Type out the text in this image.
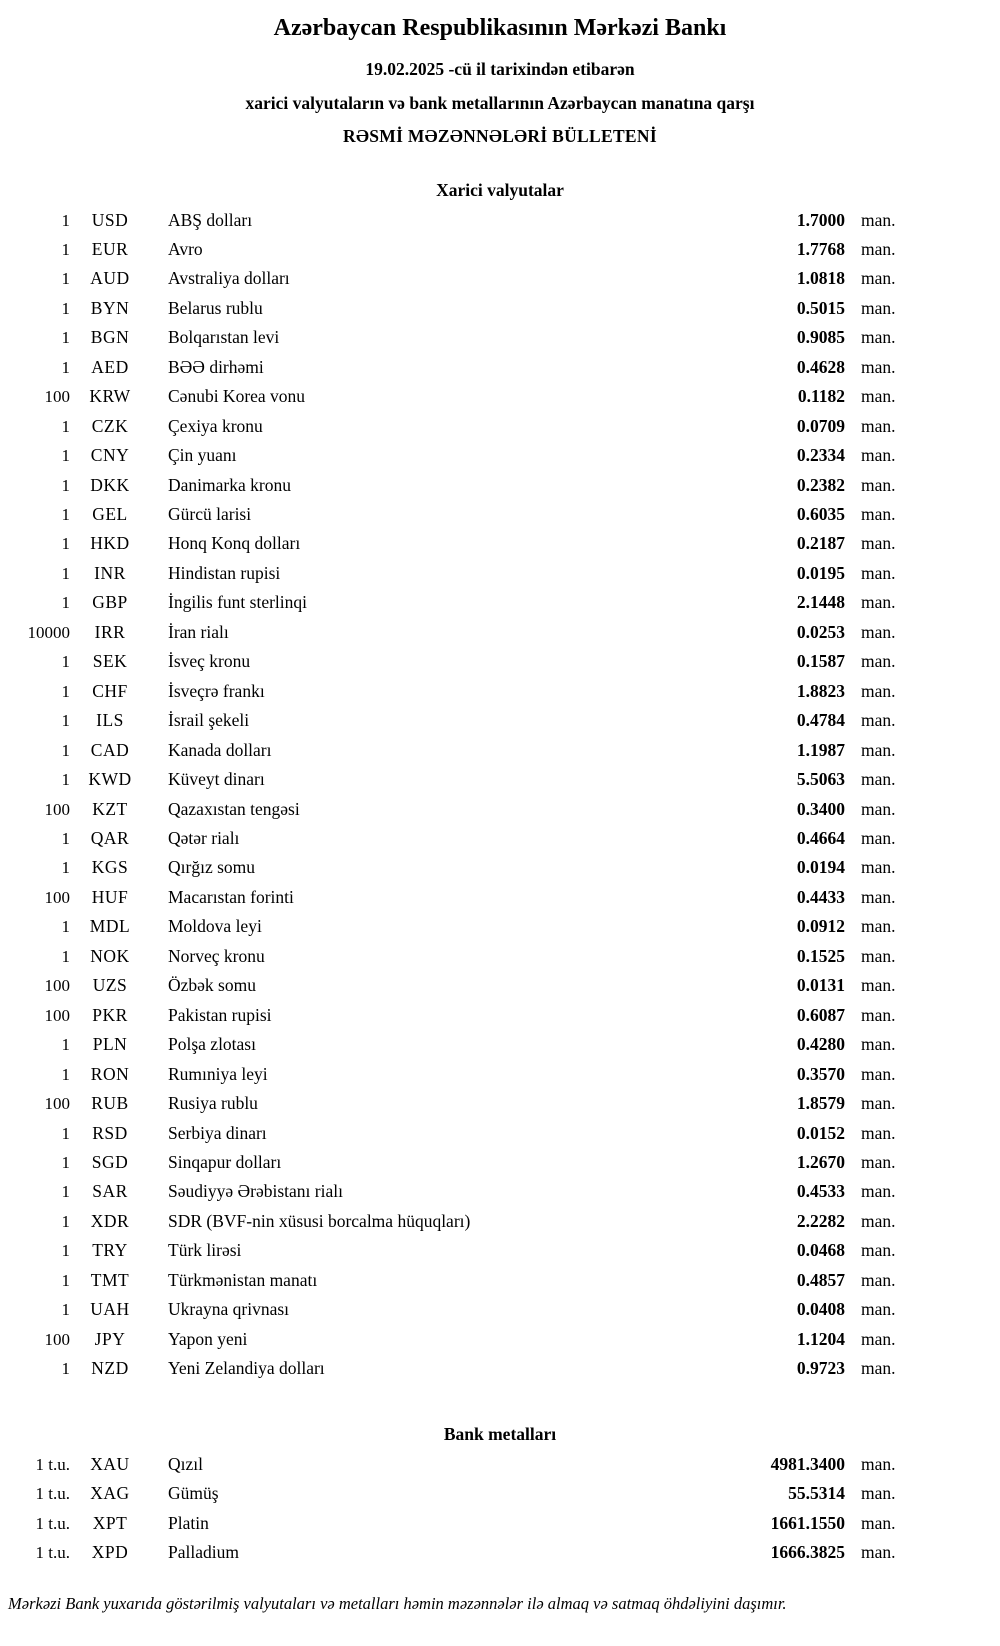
Azərbaycan Respublikasının Mərkəzi Bankı
19.02.2025 -cü il tarixindən etibarən
xarici valyutaların və bank metallarının Azərbaycan manatına qarşı
RƏSMİ MƏZƏNNƏLƏRİ BÜLLETENİ
Xarici valyutalar
1	USD	ABŞ dolları	1.7000 man.
1	EUR	Avro	1.7768 man.
1	AUD	Avstraliya dolları	1.0818 man.
1	BYN	Belarus rublu	0.5015 man.
1	BGN	Bolqarıstan levi	0.9085 man.
1	AED	BƏƏ dirhəmi	0.4628 man.
100	KRW	Cənubi Korea vonu	0.1182 man.
1	CZK	Çexiya kronu	0.0709 man.
1	CNY	Çin yuanı	0.2334 man.
1	DKK	Danimarka kronu	0.2382 man.
1	GEL	Gürcü larisi	0.6035 man.
1	HKD	Honq Konq dolları	0.2187 man.
1	INR	Hindistan rupisi	0.0195 man.
1	GBP	İngilis funt sterlinqi	2.1448 man.
10000	IRR	İran rialı	0.0253 man.
1	SEK	İsveç kronu	0.1587 man.
1	CHF	İsveçrə frankı	1.8823 man.
1	ILS	İsrail şekeli	0.4784 man.
1	CAD	Kanada dolları	1.1987 man.
1	KWD	Küveyt dinarı	5.5063 man.
100	KZT	Qazaxıstan tengəsi	0.3400 man.
1	QAR	Qətər rialı	0.4664 man.
1	KGS	Qırğız somu	0.0194 man.
100	HUF	Macarıstan forinti	0.4433 man.
1	MDL	Moldova leyi	0.0912 man.
1	NOK	Norveç kronu	0.1525 man.
100	UZS	Özbək somu	0.0131 man.
100	PKR	Pakistan rupisi	0.6087 man.
1	PLN	Polşa zlotası	0.4280 man.
1	RON	Rumıniya leyi	0.3570 man.
100	RUB	Rusiya rublu	1.8579 man.
1	RSD	Serbiya dinarı	0.0152 man.
1	SGD	Sinqapur dolları	1.2670 man.
1	SAR	Səudiyyə Ərəbistanı rialı	0.4533 man.
1	XDR	SDR (BVF-nin xüsusi borcalma hüquqları)	2.2282 man.
1	TRY	Türk lirəsi	0.0468 man.
1	TMT	Türkmənistan manatı	0.4857 man.
1	UAH	Ukrayna qrivnası	0.0408 man.
100	JPY	Yapon yeni	1.1204 man.
1	NZD	Yeni Zelandiya dolları	0.9723 man.
Bank metalları
1 t.u.	XAU	Qızıl	4981.3400 man.
1 t.u.	XAG	Gümüş	55.5314 man.
1 t.u.	XPT	Platin	1661.1550 man.
1 t.u.	XPD	Palladium	1666.3825 man.
Mərkəzi Bank yuxarıda göstərilmiş valyutaları və metalları həmin məzənnələr ilə almaq və satmaq öhdəliyini daşımır.
